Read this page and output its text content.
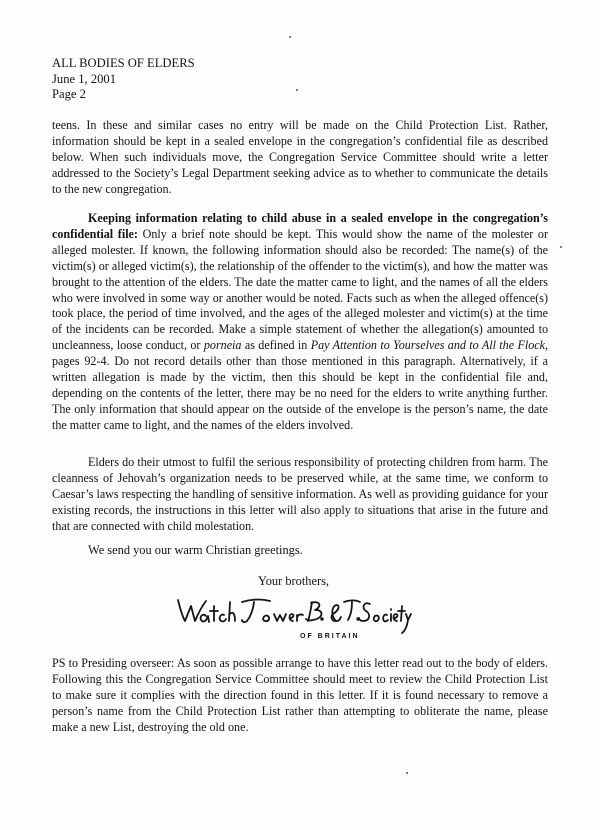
ALL BODIES OF ELDERS
June 1, 2001
Page 2

teens. In these and similar cases no entry will be made on the Child Protection List. Rather, information should be kept in a sealed envelope in the congregation’s confidential file as described below. When such individuals move, the Congregation Service Committee should write a letter addressed to the Society’s Legal Department seeking advice as to whether to communicate the details to the new congregation.

Keeping information relating to child abuse in a sealed envelope in the congregation’s confidential file: Only a brief note should be kept. This would show the name of the molester or alleged molester. If known, the following information should also be recorded: The name(s) of the victim(s) or alleged victim(s), the relationship of the offender to the victim(s), and how the matter was brought to the attention of the elders. The date the matter came to light, and the names of all the elders who were involved in some way or another would be noted. Facts such as when the alleged offence(s) took place, the period of time involved, and the ages of the alleged molester and victim(s) at the time of the incidents can be recorded. Make a simple statement of whether the allegation(s) amounted to uncleanness, loose conduct, or porneia as defined in Pay Attention to Yourselves and to All the Flock, pages 92-4. Do not record details other than those mentioned in this paragraph. Alternatively, if a written allegation is made by the victim, then this should be kept in the confidential file and, depending on the contents of the letter, there may be no need for the elders to write anything further. The only information that should appear on the outside of the envelope is the person’s name, the date the matter came to light, and the names of the elders involved.

Elders do their utmost to fulfil the serious responsibility of protecting children from harm. The cleanness of Jehovah’s organization needs to be preserved while, at the same time, we conform to Caesar’s laws respecting the handling of sensitive information. As well as providing guidance for your existing records, the instructions in this letter will also apply to situations that arise in the future and that are connected with child molestation.

We send you our warm Christian greetings.
Your brothers,
OF BRITAIN

PS to Presiding overseer: As soon as possible arrange to have this letter read out to the body of elders. Following this the Congregation Service Committee should meet to review the Child Protection List to make sure it complies with the direction found in this letter. If it is found necessary to remove a person’s name from the Child Protection List rather than attempting to obliterate the name, please make a new List, destroying the old one.
